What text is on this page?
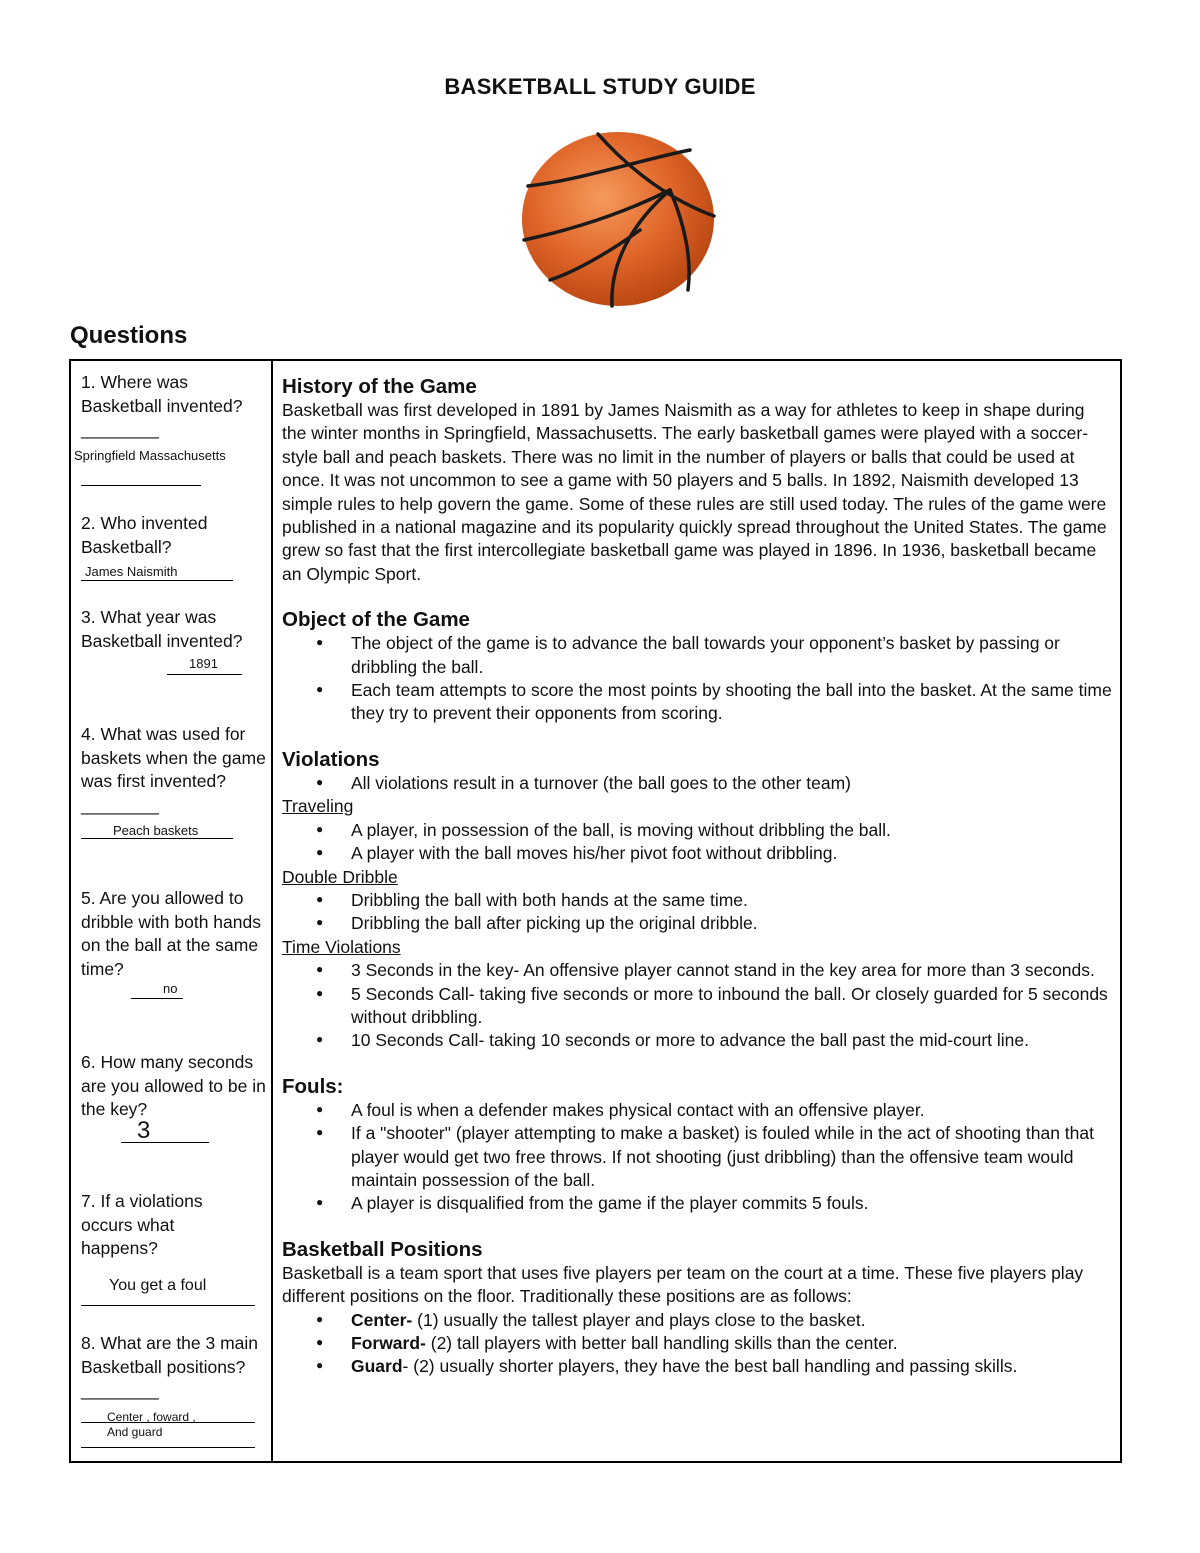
BASKETBALL STUDY GUIDE
Questions
1. Where was Basketball invented?________
Springfield Massachusetts
2. Who invented Basketball?
James Naismith
3. What year was Basketball invented?
1891
4. What was used for baskets when the game was first invented?________
Peach baskets
5. Are you allowed to dribble with both hands on the ball at the same time?
no
6. How many seconds are you allowed to be in the key?
3
7. If a violations occurs what happens?
You get a foul
8. What are the 3 main Basketball positions?________
Center , foward ,
And guard
History of the Game

Basketball was first developed in 1891 by James Naismith as a way for athletes to keep in shape during the winter months in Springfield, Massachusetts. The early basketball games were played with a soccer-style ball and peach baskets. There was no limit in the number of players or balls that could be used at once. It was not uncommon to see a game with 50 players and 5 balls. In 1892, Naismith developed 13 simple rules to help govern the game. Some of these rules are still used today. The rules of the game were published in a national magazine and its popularity quickly spread throughout the United States. The game grew so fast that the first intercollegiate basketball game was played in 1896. In 1936, basketball became an Olympic Sport.

Object of the Game
● The object of the game is to advance the ball towards your opponent’s basket by passing or dribbling the ball.
● Each team attempts to score the most points by shooting the ball into the basket. At the same time they try to prevent their opponents from scoring.
Violations
● All violations result in a turnover (the ball goes to the other team)
Traveling
● A player, in possession of the ball, is moving without dribbling the ball.
● A player with the ball moves his/her pivot foot without dribbling.
Double Dribble
● Dribbling the ball with both hands at the same time.
● Dribbling the ball after picking up the original dribble.
Time Violations
● 3 Seconds in the key- An offensive player cannot stand in the key area for more than 3 seconds.
● 5 Seconds Call- taking five seconds or more to inbound the ball. Or closely guarded for 5 seconds without dribbling.
● 10 Seconds Call- taking 10 seconds or more to advance the ball past the mid-court line.
Fouls:
● A foul is when a defender makes physical contact with an offensive player.
● If a "shooter" (player attempting to make a basket) is fouled while in the act of shooting than that player would get two free throws. If not shooting (just dribbling) than the offensive team would maintain possession of the ball.
● A player is disqualified from the game if the player commits 5 fouls.
Basketball Positions

Basketball is a team sport that uses five players per team on the court at a time. These five players play different positions on the floor. Traditionally these positions are as follows:

● Center- (1) usually the tallest player and plays close to the basket.
● Forward- (2) tall players with better ball handling skills than the center.
● Guard- (2) usually shorter players, they have the best ball handling and passing skills.
